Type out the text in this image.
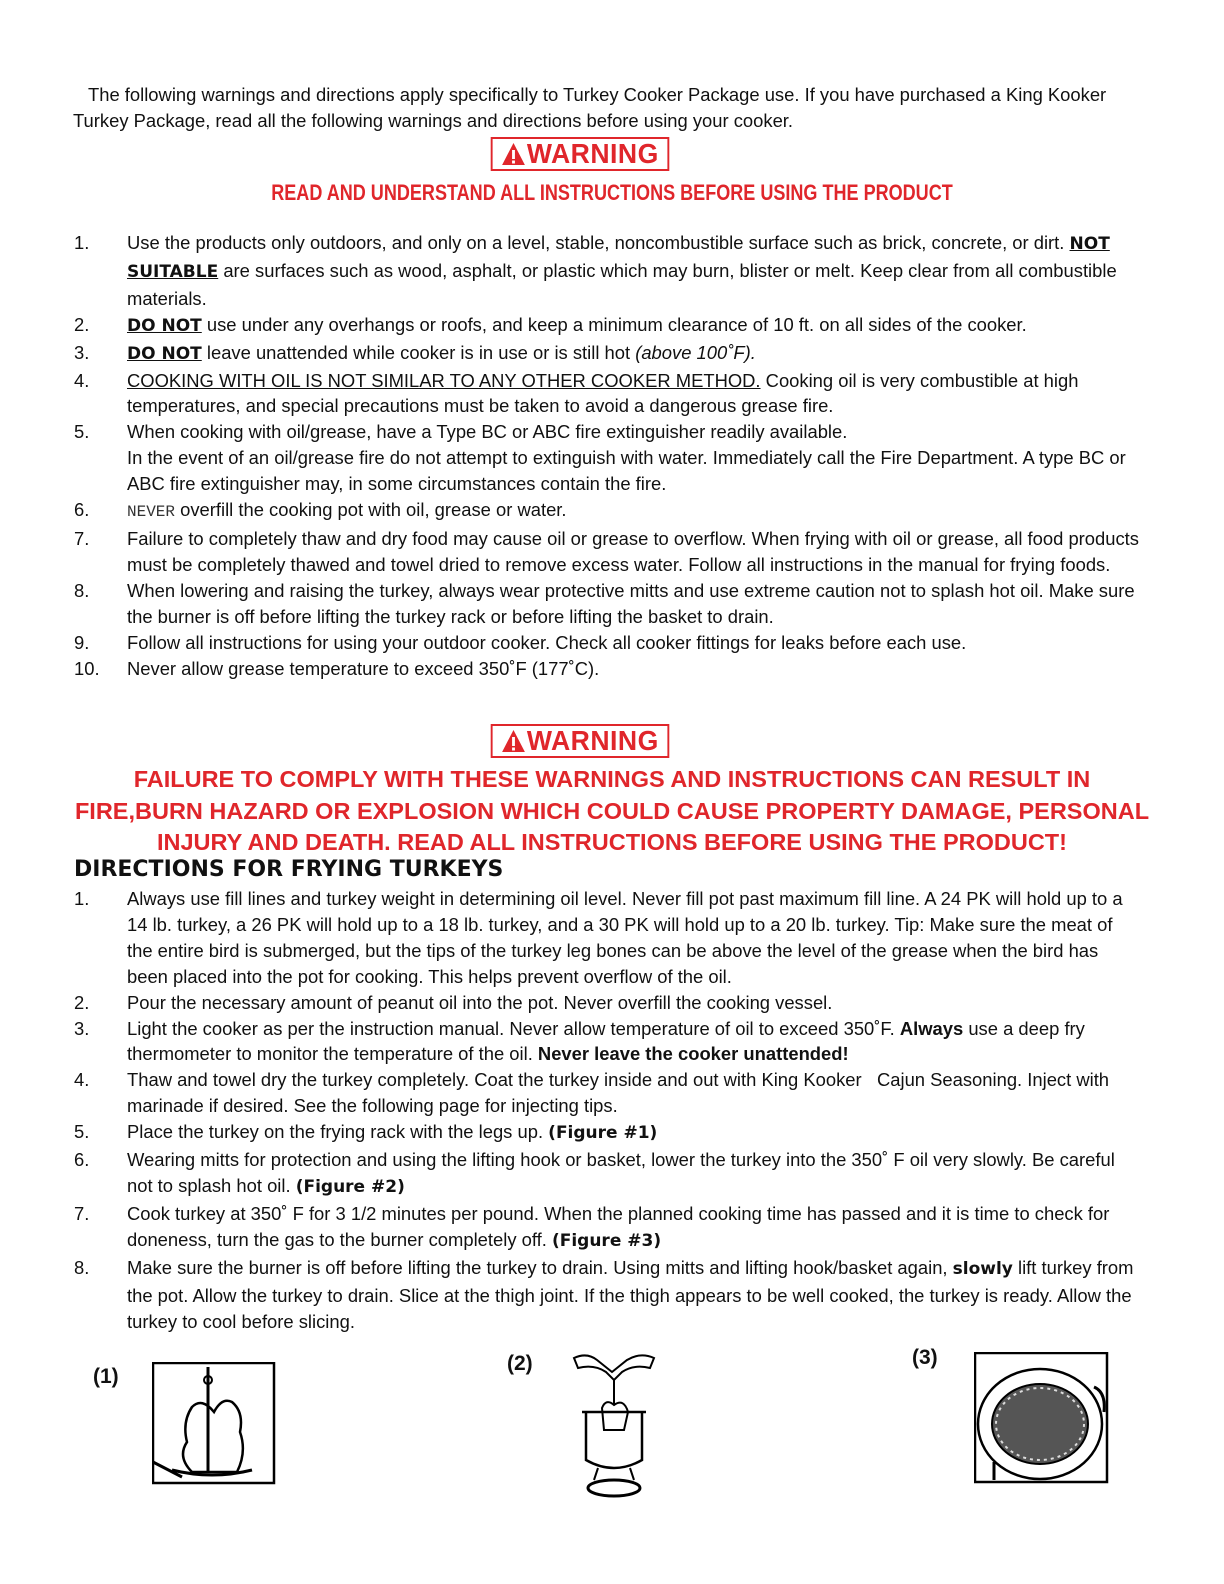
The following warnings and directions apply specifically to Turkey Cooker Package use. If you have purchased a King Kooker   Turkey Package, read all the following warnings and directions before using your cooker.
WARNING
READ AND UNDERSTAND ALL INSTRUCTIONS BEFORE USING THE PRODUCT
1. Use the products only outdoors, and only on a level, stable, noncombustible surface such as brick, concrete, or dirt. NOT SUITABLE are surfaces such as wood, asphalt, or plastic which may burn, blister or melt. Keep clear from all combustible materials.
2. DO NOT use under any overhangs or roofs, and keep a minimum clearance of 10 ft. on all sides of the cooker.
3. DO NOT leave unattended while cooker is in use or is still hot (above 100˚F).
4. COOKING WITH OIL IS NOT SIMILAR TO ANY OTHER COOKER METHOD. Cooking oil is very combustible at high temperatures, and special precautions must be taken to avoid a dangerous grease fire.
5. When cooking with oil/grease, have a Type BC or ABC fire extinguisher readily available.
In the event of an oil/grease fire do not attempt to extinguish with water. Immediately call the Fire Department. A type BC or ABC fire extinguisher may, in some circumstances contain the fire.
6. NEVER overfill the cooking pot with oil, grease or water.
7. Failure to completely thaw and dry food may cause oil or grease to overflow. When frying with oil or grease, all food products must be completely thawed and towel dried to remove excess water. Follow all instructions in the manual for frying foods.
8. When lowering and raising the turkey, always wear protective mitts and use extreme caution not to splash hot oil. Make sure the burner is off before lifting the turkey rack or before lifting the basket to drain.
9. Follow all instructions for using your outdoor cooker. Check all cooker fittings for leaks before each use.
10. Never allow grease temperature to exceed 350˚F (177˚C).
WARNING
FAILURE TO COMPLY WITH THESE WARNINGS AND INSTRUCTIONS CAN RESULT IN FIRE,BURN HAZARD OR EXPLOSION WHICH COULD CAUSE PROPERTY DAMAGE, PERSONAL INJURY AND DEATH. READ ALL INSTRUCTIONS BEFORE USING THE PRODUCT!
DIRECTIONS FOR FRYING TURKEYS
1. Always use fill lines and turkey weight in determining oil level. Never fill pot past maximum fill line. A 24 PK will hold up to a 14 lb. turkey, a 26 PK will hold up to a 18 lb. turkey, and a 30 PK will hold up to a 20 lb. turkey. Tip: Make sure the meat of the entire bird is submerged, but the tips of the turkey leg bones can be above the level of the grease when the bird has been placed into the pot for cooking. This helps prevent overflow of the oil.
2. Pour the necessary amount of peanut oil into the pot. Never overfill the cooking vessel.
3. Light the cooker as per the instruction manual. Never allow temperature of oil to exceed 350˚F. Always use a deep fry thermometer to monitor the temperature of the oil. Never leave the cooker unattended!
4. Thaw and towel dry the turkey completely. Coat the turkey inside and out with King Kooker   Cajun Seasoning. Inject with marinade if desired. See the following page for injecting tips.
5. Place the turkey on the frying rack with the legs up. (Figure #1)
6. Wearing mitts for protection and using the lifting hook or basket, lower the turkey into the 350˚ F oil very slowly. Be careful not to splash hot oil. (Figure #2)
7. Cook turkey at 350˚ F for 3 1/2 minutes per pound. When the planned cooking time has passed and it is time to check for doneness, turn the gas to the burner completely off. (Figure #3)
8. Make sure the burner is off before lifting the turkey to drain. Using mitts and lifting hook/basket again, slowly lift turkey from the pot. Allow the turkey to drain. Slice at the thigh joint. If the thigh appears to be well cooked, the turkey is ready. Allow the turkey to cool before slicing.
(1)
(2)	(3)
